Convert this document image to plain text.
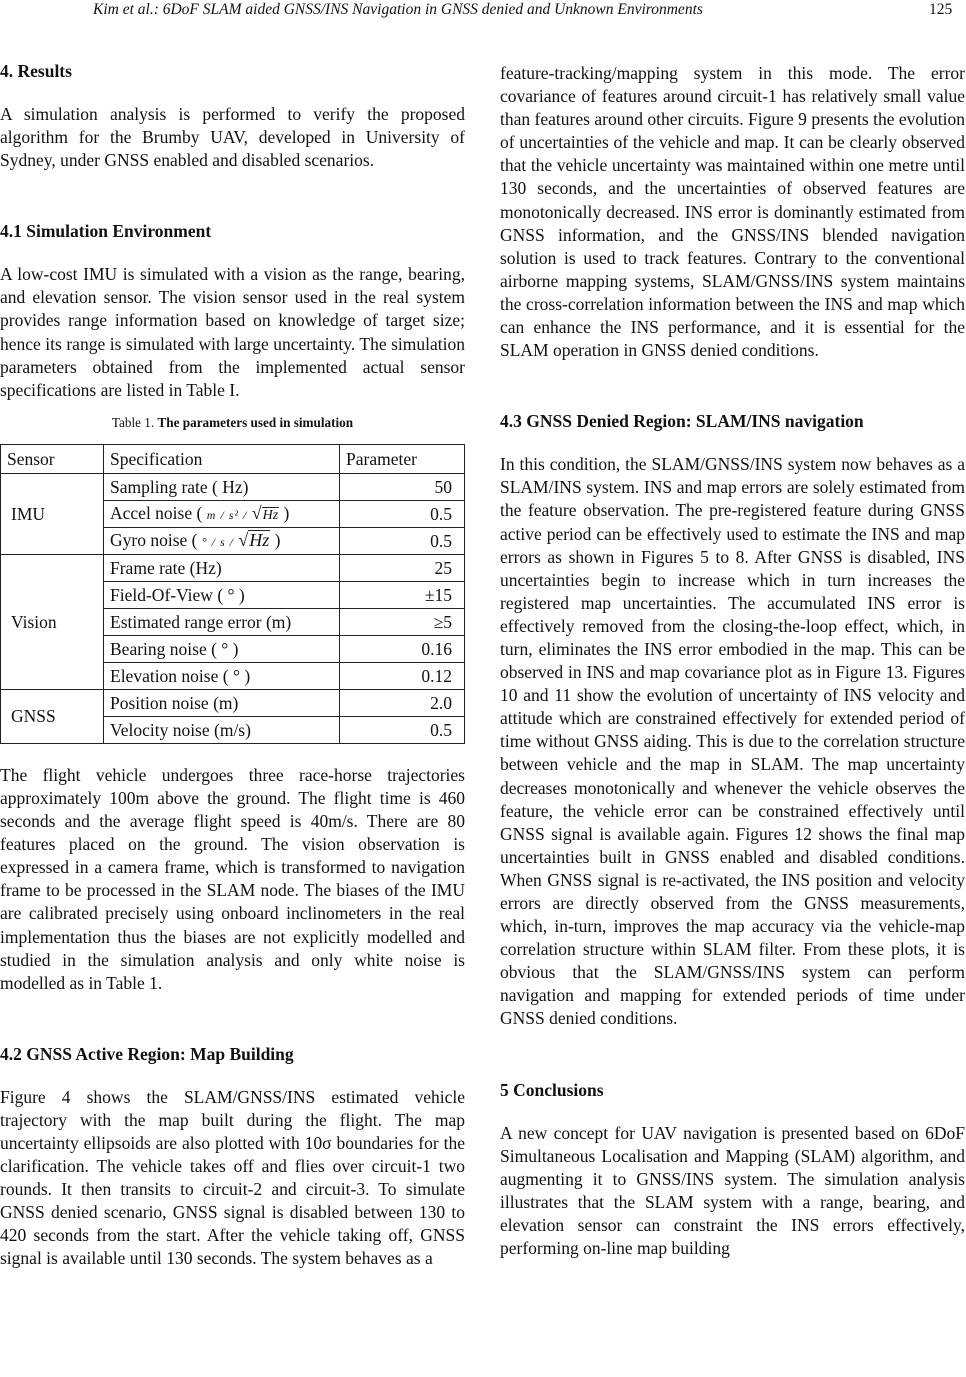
Kim et al.: 6DoF SLAM aided GNSS/INS Navigation in GNSS denied and Unknown Environments	125
4. Results

A simulation analysis is performed to verify the proposed algorithm for the Brumby UAV, developed in University of Sydney, under GNSS enabled and disabled scenarios.

4.1 Simulation Environment

A low-cost IMU is simulated with a vision as the range, bearing, and elevation sensor. The vision sensor used in the real system provides range information based on knowledge of target size; hence its range is simulated with large uncertainty. The simulation parameters obtained from the implemented actual sensor specifications are listed in Table I.

Table 1. The parameters used in simulation

Sensor	Specification	Parameter
IMU	Sampling rate ( Hz)	50
	Accel noise ( m / s² / √Hz )	0.5
	Gyro noise ( ° / s / √Hz )	0.5
Vision	Frame rate (Hz)	25
	Field-Of-View ( ° )	±15
	Estimated range error (m)	≥5
	Bearing noise ( ° )	0.16
	Elevation noise ( ° )	0.12
GNSS	Position noise (m)	2.0
	Velocity noise (m/s)	0.5

The flight vehicle undergoes three race-horse trajectories approximately 100m above the ground. The flight time is 460 seconds and the average flight speed is 40m/s. There are 80 features placed on the ground. The vision observation is expressed in a camera frame, which is transformed to navigation frame to be processed in the SLAM node. The biases of the IMU are calibrated precisely using onboard inclinometers in the real implementation thus the biases are not explicitly modelled and studied in the simulation analysis and only white noise is modelled as in Table 1.

4.2 GNSS Active Region: Map Building

Figure 4 shows the SLAM/GNSS/INS estimated vehicle trajectory with the map built during the flight. The map uncertainty ellipsoids are also plotted with 10σ boundaries for the clarification. The vehicle takes off and flies over circuit-1 two rounds. It then transits to circuit-2 and circuit-3. To simulate GNSS denied scenario, GNSS signal is disabled between 130 to 420 seconds from the start. After the vehicle taking off, GNSS signal is available until 130 seconds. The system behaves as a

feature-tracking/mapping system in this mode. The error covariance of features around circuit-1 has relatively small value than features around other circuits. Figure 9 presents the evolution of uncertainties of the vehicle and map. It can be clearly observed that the vehicle uncertainty was maintained within one metre until 130 seconds, and the uncertainties of observed features are monotonically decreased. INS error is dominantly estimated from GNSS information, and the GNSS/INS blended navigation solution is used to track features. Contrary to the conventional airborne mapping systems, SLAM/GNSS/INS system maintains the cross-correlation information between the INS and map which can enhance the INS performance, and it is essential for the SLAM operation in GNSS denied conditions.

4.3 GNSS Denied Region: SLAM/INS navigation

In this condition, the SLAM/GNSS/INS system now behaves as a SLAM/INS system. INS and map errors are solely estimated from the feature observation. The pre-registered feature during GNSS active period can be effectively used to estimate the INS and map errors as shown in Figures 5 to 8. After GNSS is disabled, INS uncertainties begin to increase which in turn increases the registered map uncertainties. The accumulated INS error is effectively removed from the closing-the-loop effect, which, in turn, eliminates the INS error embodied in the map. This can be observed in INS and map covariance plot as in Figure 13. Figures 10 and 11 show the evolution of uncertainty of INS velocity and attitude which are constrained effectively for extended period of time without GNSS aiding. This is due to the correlation structure between vehicle and the map in SLAM. The map uncertainty decreases monotonically and whenever the vehicle observes the feature, the vehicle error can be constrained effectively until GNSS signal is available again. Figures 12 shows the final map uncertainties built in GNSS enabled and disabled conditions. When GNSS signal is re-activated, the INS position and velocity errors are directly observed from the GNSS measurements, which, in-turn, improves the map accuracy via the vehicle-map correlation structure within SLAM filter. From these plots, it is obvious that the SLAM/GNSS/INS system can perform navigation and mapping for extended periods of time under GNSS denied conditions.

5 Conclusions

A new concept for UAV navigation is presented based on 6DoF Simultaneous Localisation and Mapping (SLAM) algorithm, and augmenting it to GNSS/INS system. The simulation analysis illustrates that the SLAM system with a range, bearing, and elevation sensor can constraint the INS errors effectively, performing on-line map building
